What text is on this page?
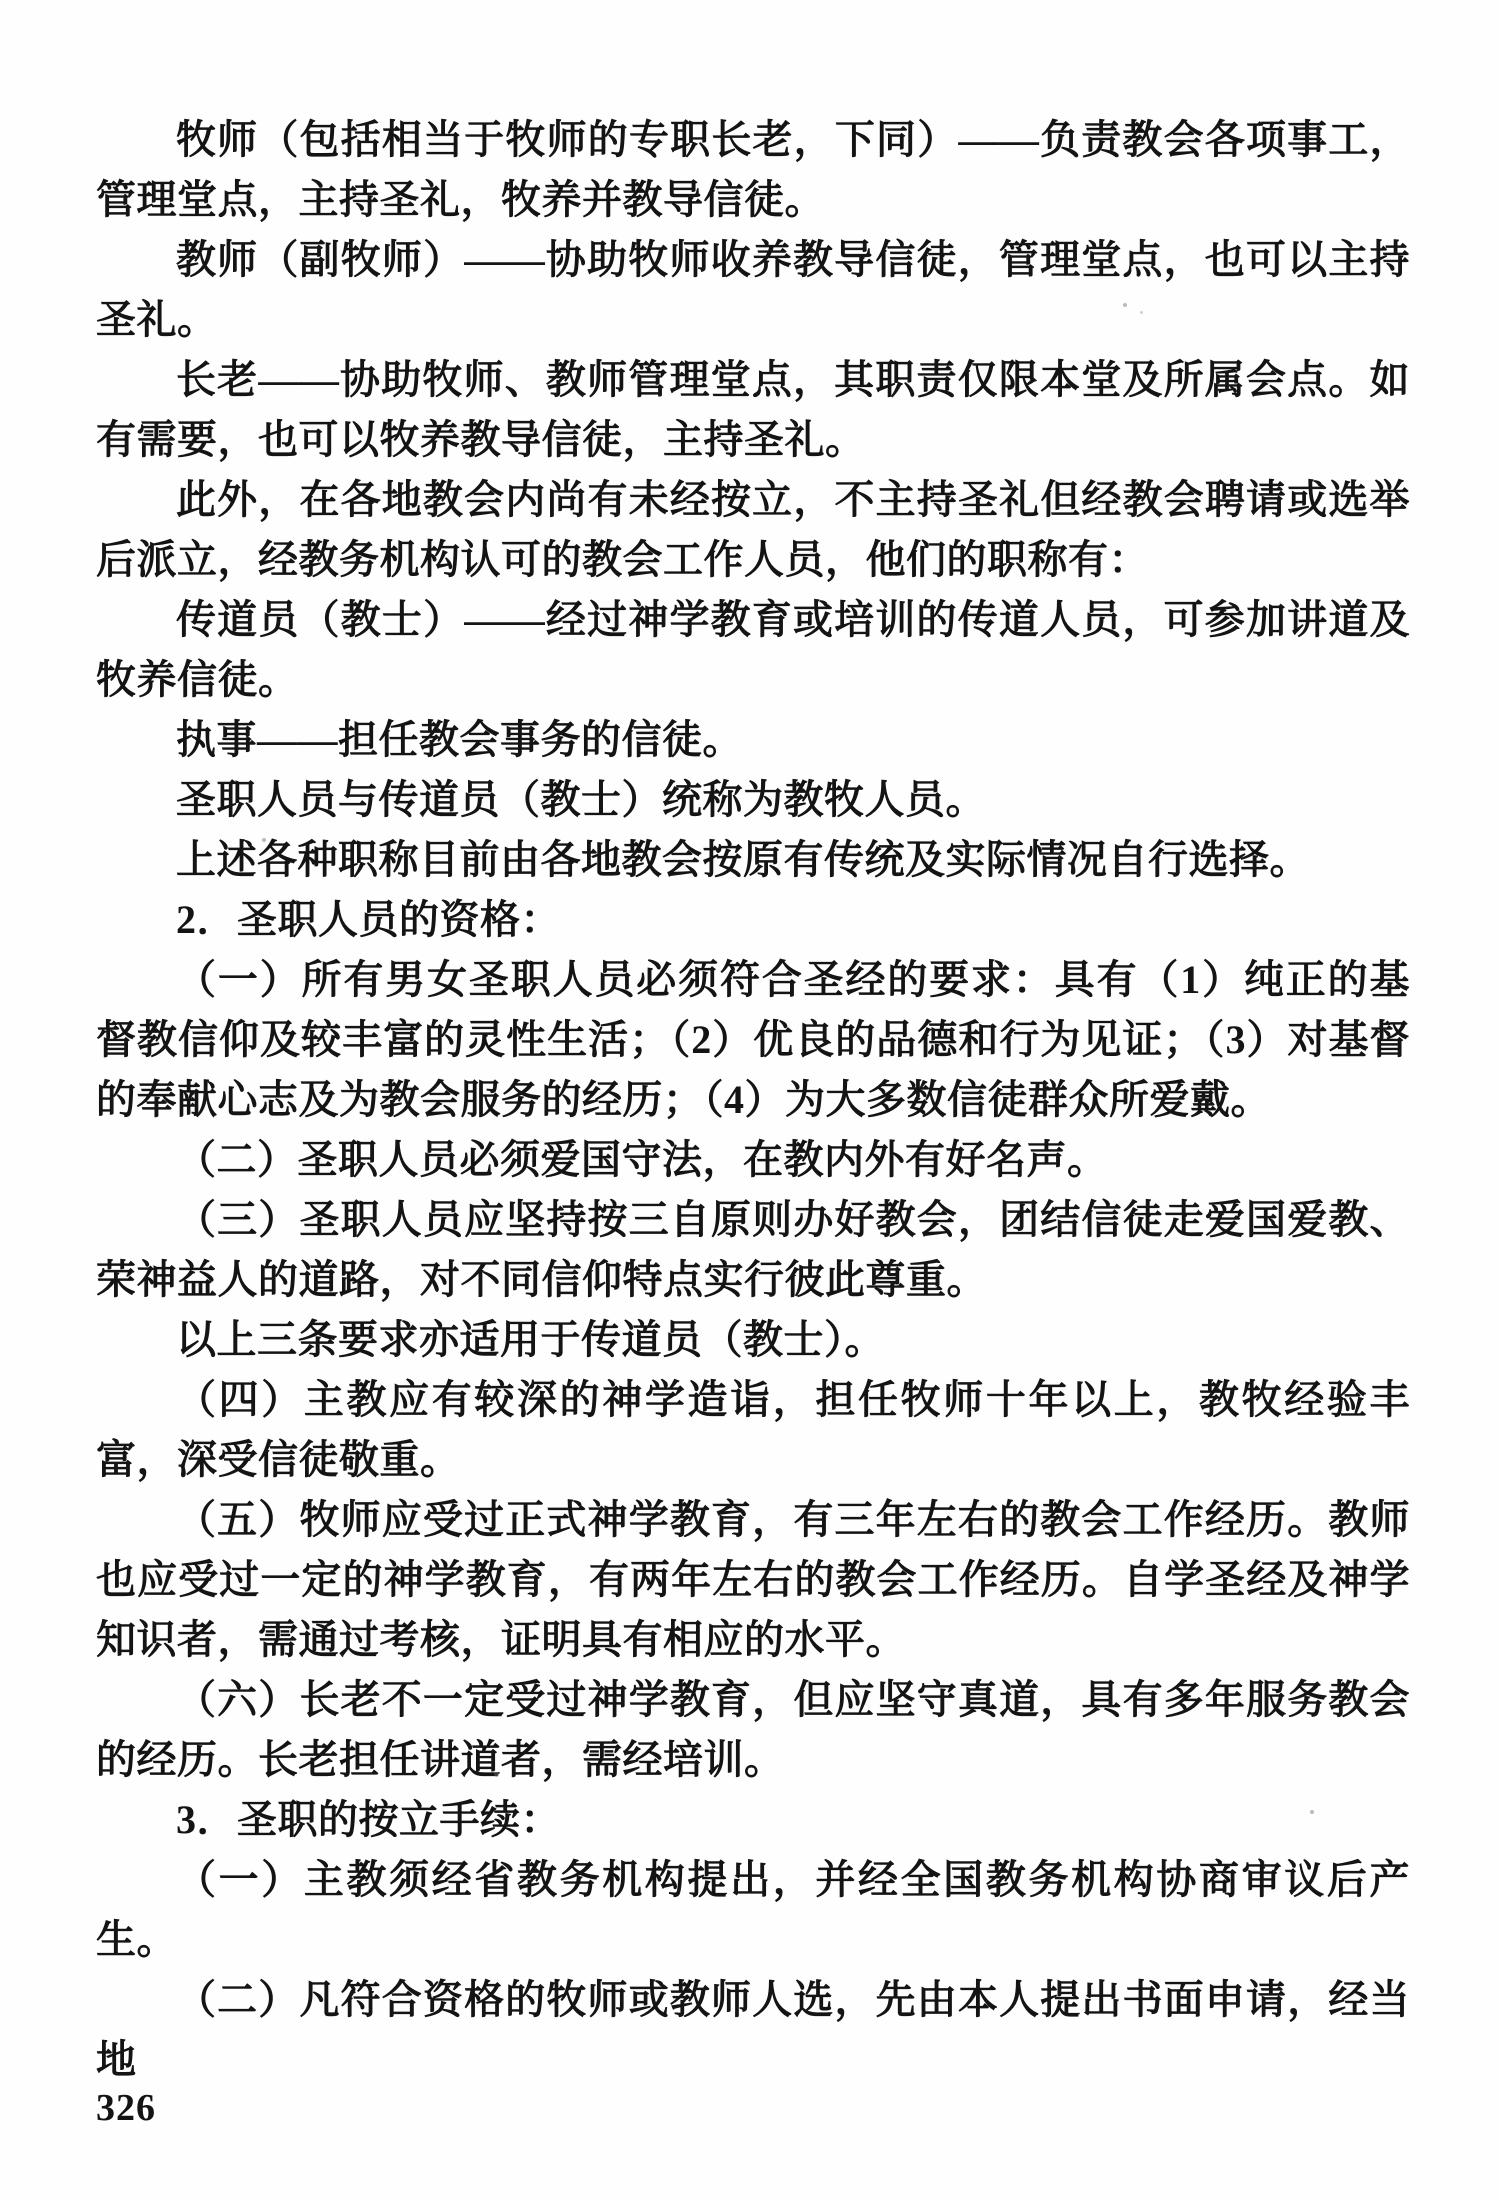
牧师（包括相当于牧师的专职长老，下同）——负责教会各项事工，管理堂点，主持圣礼，牧养并教导信徒。

教师（副牧师）——协助牧师收养教导信徒，管理堂点，也可以主持圣礼。

长老——协助牧师、教师管理堂点，其职责仅限本堂及所属会点。如有需要，也可以牧养教导信徒，主持圣礼。

此外，在各地教会内尚有未经按立，不主持圣礼但经教会聘请或选举后派立，经教务机构认可的教会工作人员，他们的职称有：

传道员（教士）——经过神学教育或培训的传道人员，可参加讲道及牧养信徒。

执事——担任教会事务的信徒。

圣职人员与传道员（教士）统称为教牧人员。

上述各种职称目前由各地教会按原有传统及实际情况自行选择。

2．圣职人员的资格：

（一）所有男女圣职人员必须符合圣经的要求：具有（1）纯正的基督教信仰及较丰富的灵性生活；（2）优良的品德和行为见证；（3）对基督的奉献心志及为教会服务的经历；（4）为大多数信徒群众所爱戴。

（二）圣职人员必须爱国守法，在教内外有好名声。

（三）圣职人员应坚持按三自原则办好教会，团结信徒走爱国爱教、荣神益人的道路，对不同信仰特点实行彼此尊重。

以上三条要求亦适用于传道员（教士）。

（四）主教应有较深的神学造诣，担任牧师十年以上，教牧经验丰富，深受信徒敬重。

（五）牧师应受过正式神学教育，有三年左右的教会工作经历。教师也应受过一定的神学教育，有两年左右的教会工作经历。自学圣经及神学知识者，需通过考核，证明具有相应的水平。

（六）长老不一定受过神学教育，但应坚守真道，具有多年服务教会的经历。长老担任讲道者，需经培训。

3．圣职的按立手续：

（一）主教须经省教务机构提出，并经全国教务机构协商审议后产生。

（二）凡符合资格的牧师或教师人选，先由本人提出书面申请，经当地

326
